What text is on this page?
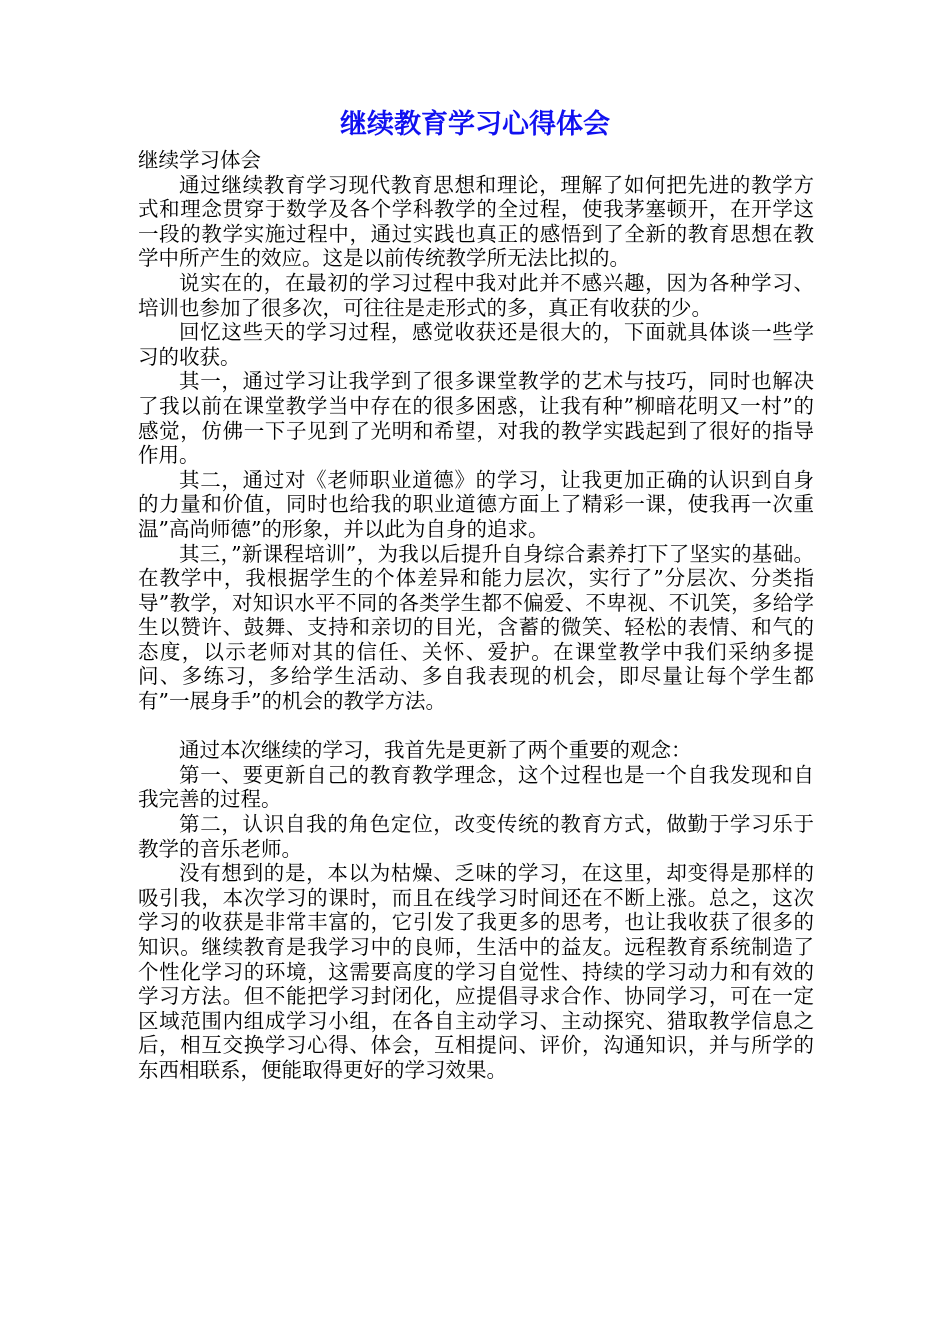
继续教育学习心得体会

继续学习体会

通过继续教育学习现代教育思想和理论，理解了如何把先进的教学方式和理念贯穿于数学及各个学科教学的全过程，使我茅塞顿开，在开学这一段的教学实施过程中，通过实践也真正的感悟到了全新的教育思想在教学中所产生的效应。这是以前传统教学所无法比拟的。

说实在的，在最初的学习过程中我对此并不感兴趣，因为各种学习、培训也参加了很多次，可往往是走形式的多，真正有收获的少。

回忆这些天的学习过程，感觉收获还是很大的，下面就具体谈一些学习的收获。

其一，通过学习让我学到了很多课堂教学的艺术与技巧，同时也解决了我以前在课堂教学当中存在的很多困惑，让我有种”柳暗花明又一村”的感觉，仿佛一下子见到了光明和希望，对我的教学实践起到了很好的指导作用。

其二，通过对《老师职业道德》的学习，让我更加正确的认识到自身的力量和价值，同时也给我的职业道德方面上了精彩一课，使我再一次重温”高尚师德”的形象，并以此为自身的追求。

其三，”新课程培训”，为我以后提升自身综合素养打下了坚实的基础。在教学中，我根据学生的个体差异和能力层次，实行了”分层次、分类指导”教学，对知识水平不同的各类学生都不偏爱、不卑视、不讥笑，多给学生以赞许、鼓舞、支持和亲切的目光，含蓄的微笑、轻松的表情、和气的态度，以示老师对其的信任、关怀、爱护。在课堂教学中我们采纳多提问、多练习，多给学生活动、多自我表现的机会，即尽量让每个学生都有”一展身手”的机会的教学方法。

通过本次继续的学习，我首先是更新了两个重要的观念：

第一、要更新自己的教育教学理念，这个过程也是一个自我发现和自我完善的过程。

第二，认识自我的角色定位，改变传统的教育方式，做勤于学习乐于教学的音乐老师。

没有想到的是，本以为枯燥、乏味的学习，在这里，却变得是那样的吸引我，本次学习的课时，而且在线学习时间还在不断上涨。总之，这次学习的收获是非常丰富的，它引发了我更多的思考，也让我收获了很多的知识。继续教育是我学习中的良师，生活中的益友。远程教育系统制造了个性化学习的环境，这需要高度的学习自觉性、持续的学习动力和有效的学习方法。但不能把学习封闭化，应提倡寻求合作、协同学习，可在一定区域范围内组成学习小组，在各自主动学习、主动探究、猎取教学信息之后，相互交换学习心得、体会，互相提问、评价，沟通知识，并与所学的东西相联系，便能取得更好的学习效果。
